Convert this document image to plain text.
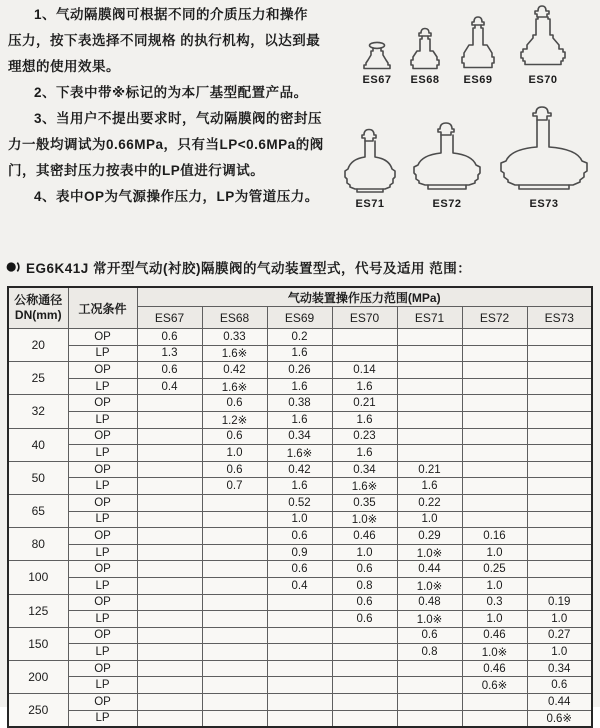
1、气动隔膜阀可根据不同的介质压力和操作
压力，按下表选择不同规格 的执行机构，以达到最
理想的使用效果。
2、下表中带※标记的为本厂基型配置产品。
3、当用户不提出要求时，气动隔膜阀的密封压
力一般均调试为0.66MPa，只有当LP<0.6MPa的阀
门，其密封压力按表中的LP值进行调试。
4、表中OP为气源操作压力，LP为管道压力。
ES67 ES68 ES69	ES70
ES71	ES72	ES73
EG6K41J 常开型气动(衬胶)隔膜阀的气动装置型式，代号及适用 范围：
公称通径
DN(mm)	工况条件	气动装置操作压力范围(MPa)						
		ES67	ES68	ES69	ES70	ES71	ES72	ES73
20	OP	0.6	0.33	0.2				
	LP	1.3	1.6※	1.6				
25	OP	0.6	0.42	0.26	0.14			
	LP	0.4	1.6※	1.6	1.6			
32	OP		0.6	0.38	0.21			
	LP		1.2※	1.6	1.6			
40	OP		0.6	0.34	0.23			
	LP		1.0	1.6※	1.6			
50	OP		0.6	0.42	0.34	0.21		
	LP		0.7	1.6	1.6※	1.6		
65	OP			0.52	0.35	0.22		
	LP			1.0	1.0※	1.0		
80	OP			0.6	0.46	0.29	0.16	
	LP			0.9	1.0	1.0※	1.0	
100	OP			0.6	0.6	0.44	0.25	
	LP			0.4	0.8	1.0※	1.0	
125	OP				0.6	0.48	0.3	0.19
	LP				0.6	1.0※	1.0	1.0
150	OP					0.6	0.46	0.27
	LP					0.8	1.0※	1.0
200	OP						0.46	0.34
	LP						0.6※	0.6
250	OP							0.44
	LP							0.6※
